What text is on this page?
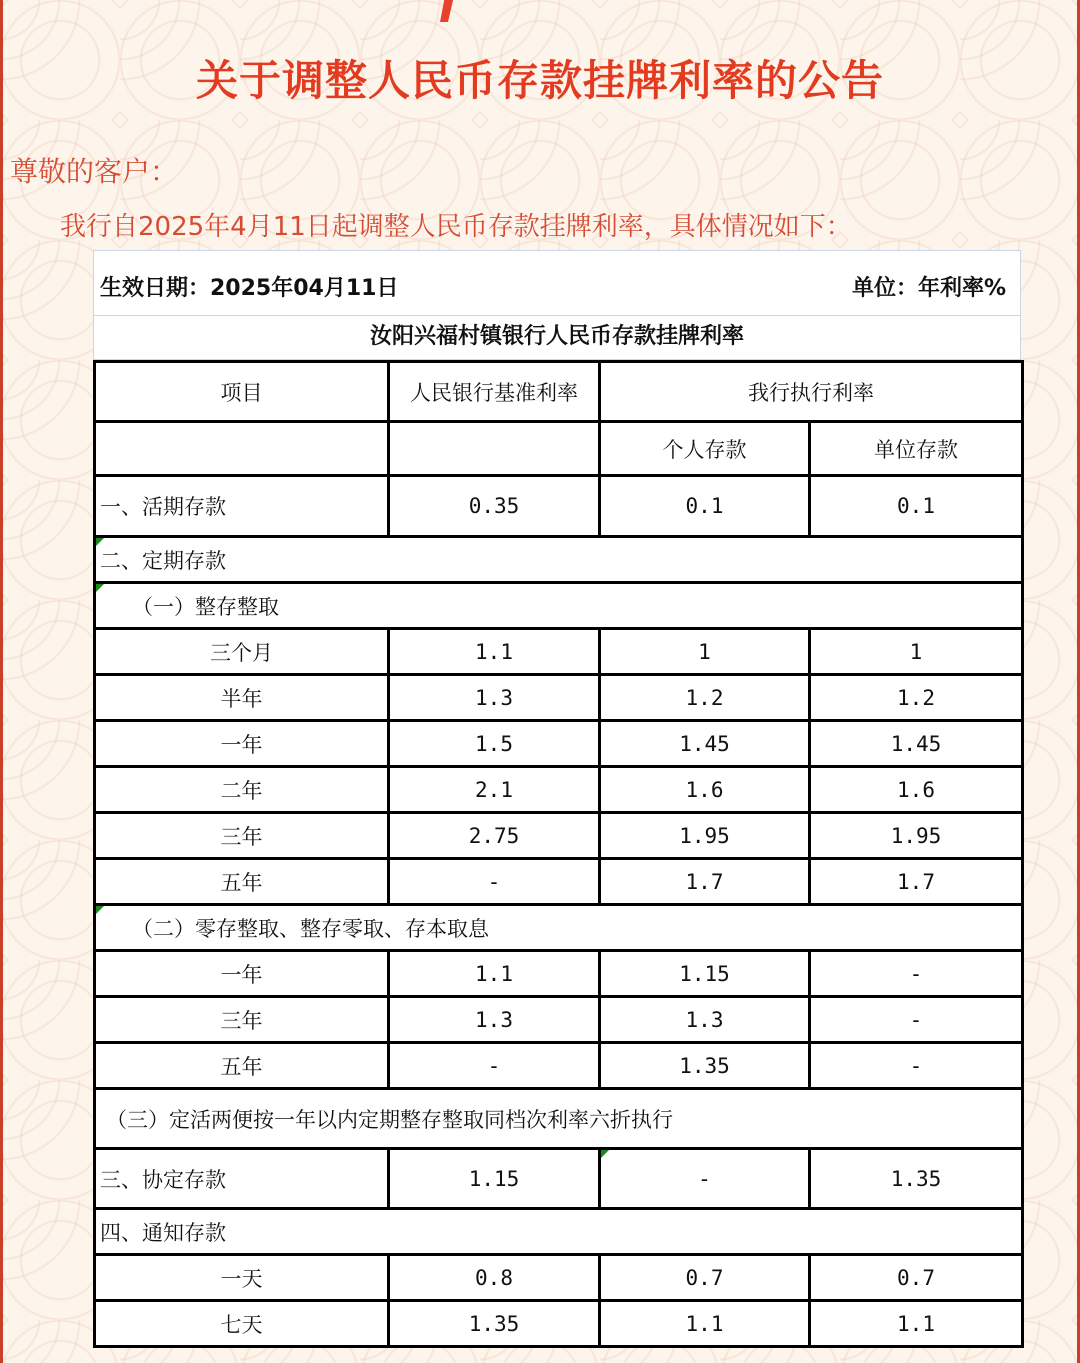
关于调整人民币存款挂牌利率的公告

尊敬的客户：

我行自2025年4月11日起调整人民币存款挂牌利率，具体情况如下：

生效日期：2025年04月11日	单位：年利率%
汝阳兴福村镇银行人民币存款挂牌利率
项目	人民银行基准利率	我行执行利率	
		个人存款	单位存款
一、活期存款	0.35	0.1	0.1

二、定期存款			

（一）整存整取			
三个月	1.1	1	1
半年	1.3	1.2	1.2
一年	1.5	1.45	1.45
二年	2.1	1.6	1.6
三年	2.75	1.95	1.95
五年	-	1.7	1.7

（二）零存整取、整存零取、存本取息			
一年	1.1	1.15	-
三年	1.3	1.3	-
五年	-	1.35	-
（三）定活两便按一年以内定期整存整取同档次利率六折执行			
三、协定存款	1.15	-	1.35
四、通知存款			
一天	0.8	0.7	0.7
七天	1.35	1.1	1.1
